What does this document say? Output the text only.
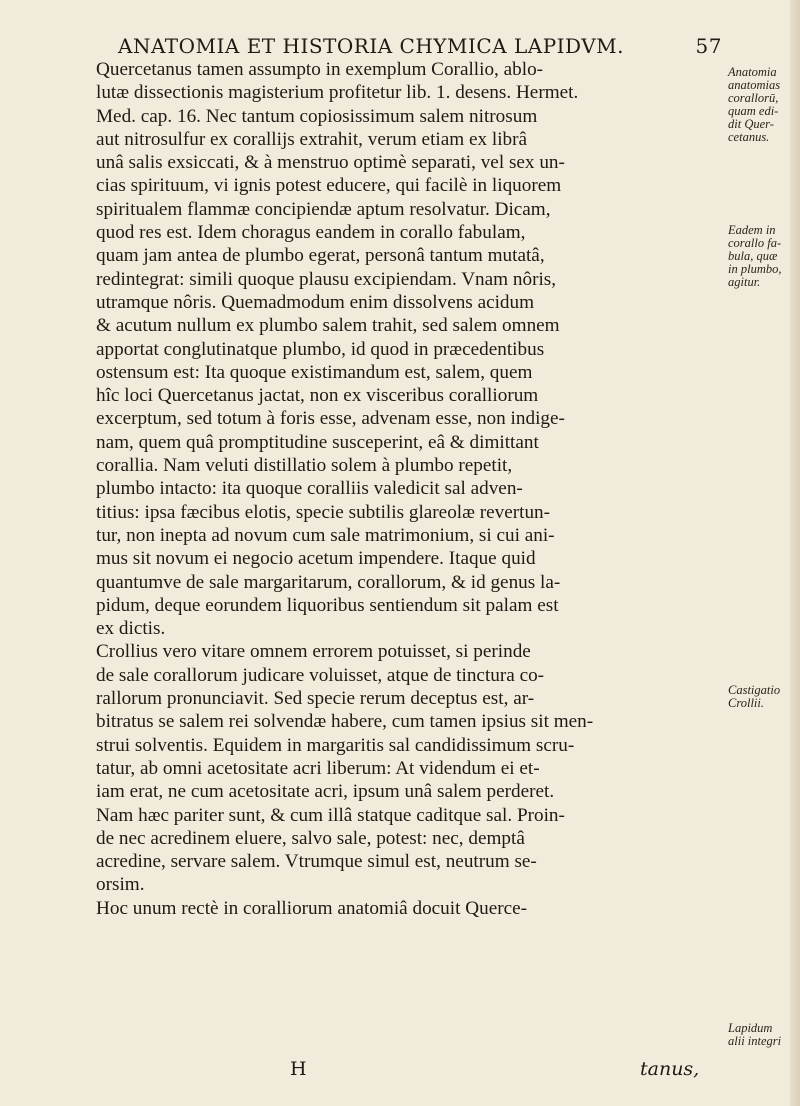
ANATOMIA ET HISTORIA CHYMICA LAPIDVM.	57
Quercetanus tamen assumpto in exemplum Corallio, ablo-
lutæ dissectionis magisterium profitetur lib. 1. desens. Hermet.
Med. cap. 16. Nec tantum copiosissimum salem nitrosum
aut nitrosulfur ex corallijs extrahit, verum etiam ex librâ
unâ salis exsiccati, & à menstruo optimè separati, vel sex un-
cias spirituum, vi ignis potest educere, qui facilè in liquorem
spiritualem flammæ concipiendæ aptum resolvatur. Dicam,
quod res est. Idem choragus eandem in corallo fabulam,
quam jam antea de plumbo egerat, personâ tantum mutatâ,
redintegrat: simili quoque plausu excipiendam. Vnam nôris,
utramque nôris. Quemadmodum enim dissolvens acidum
& acutum nullum ex plumbo salem trahit, sed salem omnem
apportat conglutinatque plumbo, id quod in præcedentibus
ostensum est: Ita quoque existimandum est, salem, quem
hîc loci Quercetanus jactat, non ex visceribus coralliorum
excerptum, sed totum à foris esse, advenam esse, non indige-
nam, quem quâ promptitudine susceperint, eâ & dimittant
corallia. Nam veluti distillatio solem à plumbo repetit,
plumbo intacto: ita quoque coralliis valedicit sal adven-
titius: ipsa fæcibus elotis, specie subtilis glareolæ revertun-
tur, non inepta ad novum cum sale matrimonium, si cui ani-
mus sit novum ei negocio acetum impendere. Itaque quid
quantumve de sale margaritarum, corallorum, & id genus la-
pidum, deque eorundem liquoribus sentiendum sit palam est
ex dictis.
Crollius vero vitare omnem errorem potuisset, si perinde
de sale corallorum judicare voluisset, atque de tinctura co-
rallorum pronunciavit. Sed specie rerum deceptus est, ar-
bitratus se salem rei solvendæ habere, cum tamen ipsius sit men-
strui solventis. Equidem in margaritis sal candidissimum scru-
tatur, ab omni acetositate acri liberum: At videndum ei et-
iam erat, ne cum acetositate acri, ipsum unâ salem perderet.
Nam hæc pariter sunt, & cum illâ statque caditque sal. Proin-
de nec acredinem eluere, salvo sale, potest: nec, demptâ
acredine, servare salem. Vtrumque simul est, neutrum se-
orsim.
Hoc unum rectè in coralliorum anatomiâ docuit Querce-
Anatomia
anatomias
corallorū,
quam edi-
dit Quer-
cetanus.
Eadem in
corallo fa-
bula, quæ
in plumbo,
agitur.
Castigatio
Crollii.
Lapidum
alii integri
H	tanus,
